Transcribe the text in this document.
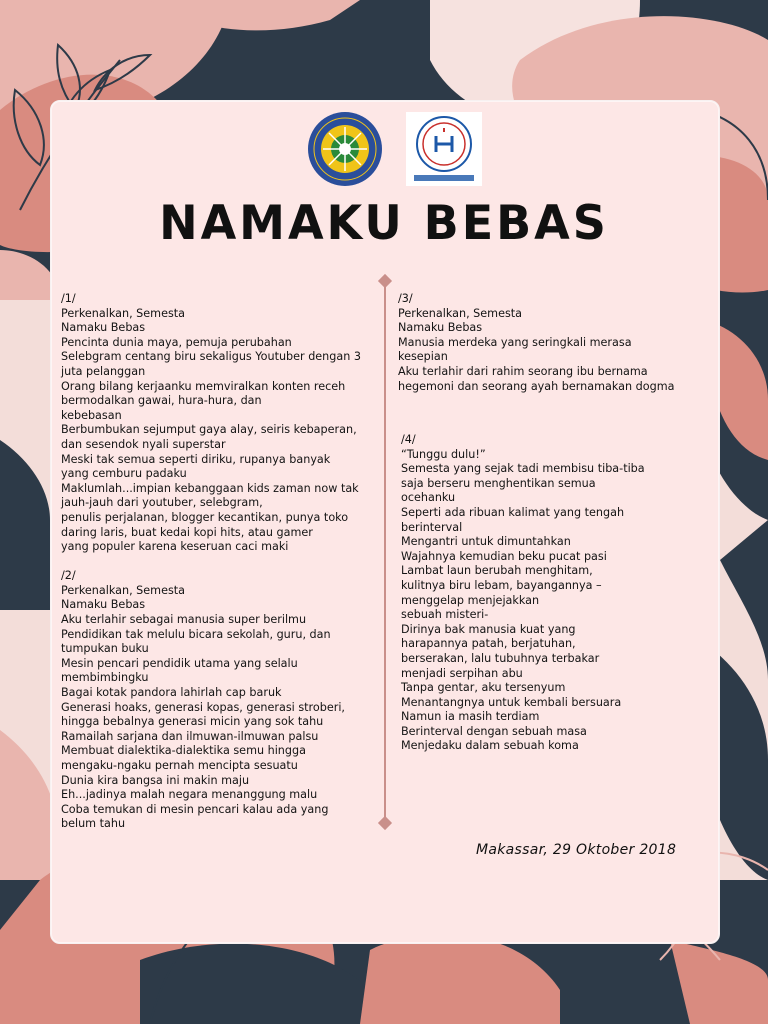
NAMAKU BEBAS
/1/
Perkenalkan, Semesta
Namaku Bebas
Pencinta dunia maya, pemuja perubahan
Selebgram centang biru sekaligus Youtuber dengan 3
juta pelanggan
Orang bilang kerjaanku memviralkan konten receh
bermodalkan gawai, hura-hura, dan
kebebasan
Berbumbukan sejumput gaya alay, seiris kebaperan,
dan sesendok nyali superstar
Meski tak semua seperti diriku, rupanya banyak
yang cemburu padaku
Maklumlah...impian kebanggaan kids zaman now tak
jauh-jauh dari youtuber, selebgram,
penulis perjalanan, blogger kecantikan, punya toko
daring laris, buat kedai kopi hits, atau gamer
yang populer karena keseruan caci maki
/2/
Perkenalkan, Semesta
Namaku Bebas
Aku terlahir sebagai manusia super berilmu
Pendidikan tak melulu bicara sekolah, guru, dan
tumpukan buku
Mesin pencari pendidik utama yang selalu
membimbingku
Bagai kotak pandora lahirlah cap baruk
Generasi hoaks, generasi kopas, generasi stroberi,
hingga bebalnya generasi micin yang sok tahu
Ramailah sarjana dan ilmuwan-ilmuwan palsu
Membuat dialektika-dialektika semu hingga
mengaku-ngaku pernah mencipta sesuatu
Dunia kira bangsa ini makin maju
Eh...jadinya malah negara menanggung malu
Coba temukan di mesin pencari kalau ada yang
belum tahu
/3/
Perkenalkan, Semesta
Namaku Bebas
Manusia merdeka yang seringkali merasa
kesepian
Aku terlahir dari rahim seorang ibu bernama
hegemoni dan seorang ayah bernamakan dogma
/4/
“Tunggu dulu!”
Semesta yang sejak tadi membisu tiba-tiba
saja berseru menghentikan semua
ocehanku
Seperti ada ribuan kalimat yang tengah
berinterval
Mengantri untuk dimuntahkan
Wajahnya kemudian beku pucat pasi
Lambat laun berubah menghitam,
kulitnya biru lebam, bayangannya –
menggelap menjejakkan
sebuah misteri-
Dirinya bak manusia kuat yang
harapannya patah, berjatuhan,
berserakan, lalu tubuhnya terbakar
menjadi serpihan abu
Tanpa gentar, aku tersenyum
Menantangnya untuk kembali bersuara
Namun ia masih terdiam
Berinterval dengan sebuah masa
Menjedaku dalam sebuah koma
Makassar, 29 Oktober 2018
